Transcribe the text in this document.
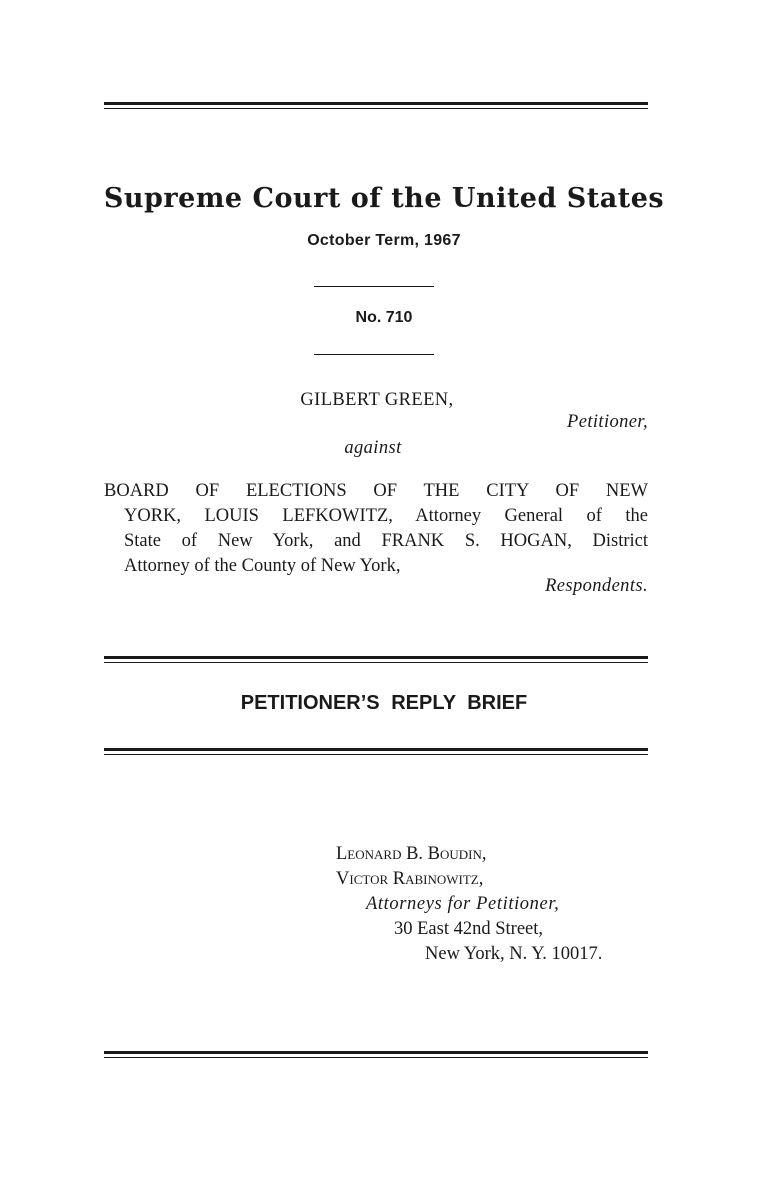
Supreme Court of the United States
October Term, 1967
No. 710
GILBERT GREEN,
Petitioner,
against
BOARD OF ELECTIONS OF THE CITY OF NEW
YORK, LOUIS LEFKOWITZ, Attorney General of the
State of New York, and FRANK S. HOGAN, District
Attorney of the County of New York,
Respondents.
PETITIONER’S REPLY BRIEF
Leonard B. Boudin,
Victor Rabinowitz,
Attorneys for Petitioner,
30 East 42nd Street,
New York, N. Y. 10017.
